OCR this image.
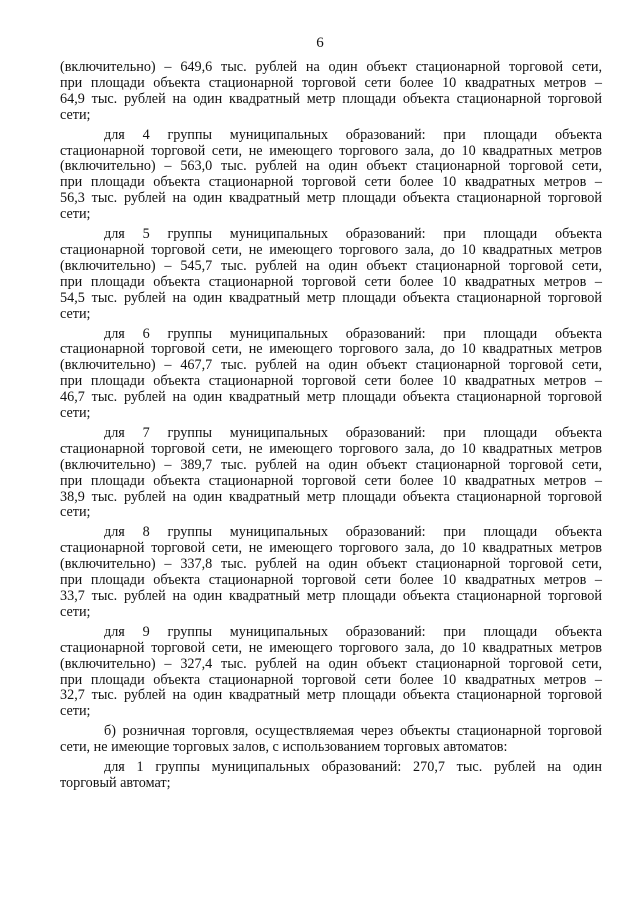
6
(включительно) – 649,6 тыс. рублей на один объект стационарной торговой сети,
при площади объекта стационарной торговой сети более 10 квадратных метров –
64,9 тыс. рублей на один квадратный метр площади объекта стационарной торговой
сети;
для 4 группы муниципальных образований: при площади объекта
стационарной торговой сети, не имеющего торгового зала, до 10 квадратных метров
(включительно) – 563,0 тыс. рублей на один объект стационарной торговой сети,
при площади объекта стационарной торговой сети более 10 квадратных метров –
56,3 тыс. рублей на один квадратный метр площади объекта стационарной торговой
сети;
для 5 группы муниципальных образований: при площади объекта
стационарной торговой сети, не имеющего торгового зала, до 10 квадратных метров
(включительно) – 545,7 тыс. рублей на один объект стационарной торговой сети,
при площади объекта стационарной торговой сети более 10 квадратных метров –
54,5 тыс. рублей на один квадратный метр площади объекта стационарной торговой
сети;
для 6 группы муниципальных образований: при площади объекта
стационарной торговой сети, не имеющего торгового зала, до 10 квадратных метров
(включительно) – 467,7 тыс. рублей на один объект стационарной торговой сети,
при площади объекта стационарной торговой сети более 10 квадратных метров –
46,7 тыс. рублей на один квадратный метр площади объекта стационарной торговой
сети;
для 7 группы муниципальных образований: при площади объекта
стационарной торговой сети, не имеющего торгового зала, до 10 квадратных метров
(включительно) – 389,7 тыс. рублей на один объект стационарной торговой сети,
при площади объекта стационарной торговой сети более 10 квадратных метров –
38,9 тыс. рублей на один квадратный метр площади объекта стационарной торговой
сети;
для 8 группы муниципальных образований: при площади объекта
стационарной торговой сети, не имеющего торгового зала, до 10 квадратных метров
(включительно) – 337,8 тыс. рублей на один объект стационарной торговой сети,
при площади объекта стационарной торговой сети более 10 квадратных метров –
33,7 тыс. рублей на один квадратный метр площади объекта стационарной торговой
сети;
для 9 группы муниципальных образований: при площади объекта
стационарной торговой сети, не имеющего торгового зала, до 10 квадратных метров
(включительно) – 327,4 тыс. рублей на один объект стационарной торговой сети,
при площади объекта стационарной торговой сети более 10 квадратных метров –
32,7 тыс. рублей на один квадратный метр площади объекта стационарной торговой
сети;
б) розничная торговля, осуществляемая через объекты стационарной торговой
сети, не имеющие торговых залов, с использованием торговых автоматов:
для 1 группы муниципальных образований: 270,7 тыс. рублей на один
торговый автомат;
